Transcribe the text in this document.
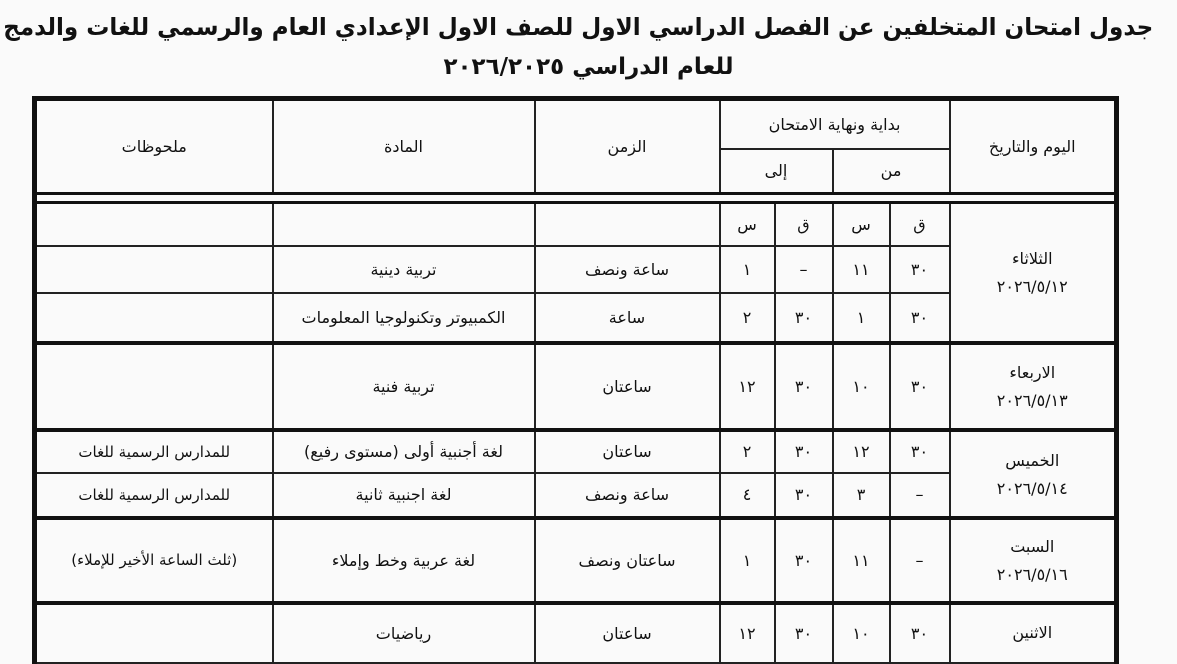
جدول امتحان المتخلفين عن الفصل الدراسي الاول للصف الاول الإعدادي العام والرسمي للغات والدمج
للعام الدراسي ٢٠٢٦/٢٠٢٥
اليوم والتاريخ	بداية ونهاية الامتحان				الزمن	المادة	ملحوظات
	من		إلى				

الثلاثاء
٢٠٢٦/٥/١٢	ق	س	ق	س			
	٣٠	١١	–	١	ساعة ونصف	تربية دينية	
	٣٠	١	٣٠	٢	ساعة	الكمبيوتر وتكنولوجيا المعلومات	

الاربعاء
٢٠٢٦/٥/١٣	٣٠	١٠	٣٠	١٢	ساعتان	تربية فنية	

الخميس
٢٠٢٦/٥/١٤	٣٠	١٢	٣٠	٢	ساعتان	لغة أجنبية أولى (مستوى رفيع)	للمدارس الرسمية للغات
	–	٣	٣٠	٤	ساعة ونصف	لغة اجنبية ثانية	للمدارس الرسمية للغات

السبت
٢٠٢٦/٥/١٦	–	١١	٣٠	١	ساعتان ونصف	لغة عربية وخط وإملاء	(ثلث الساعة الأخير للإملاء)

الاثنين	٣٠	١٠	٣٠	١٢	ساعتان	رياضيات	
